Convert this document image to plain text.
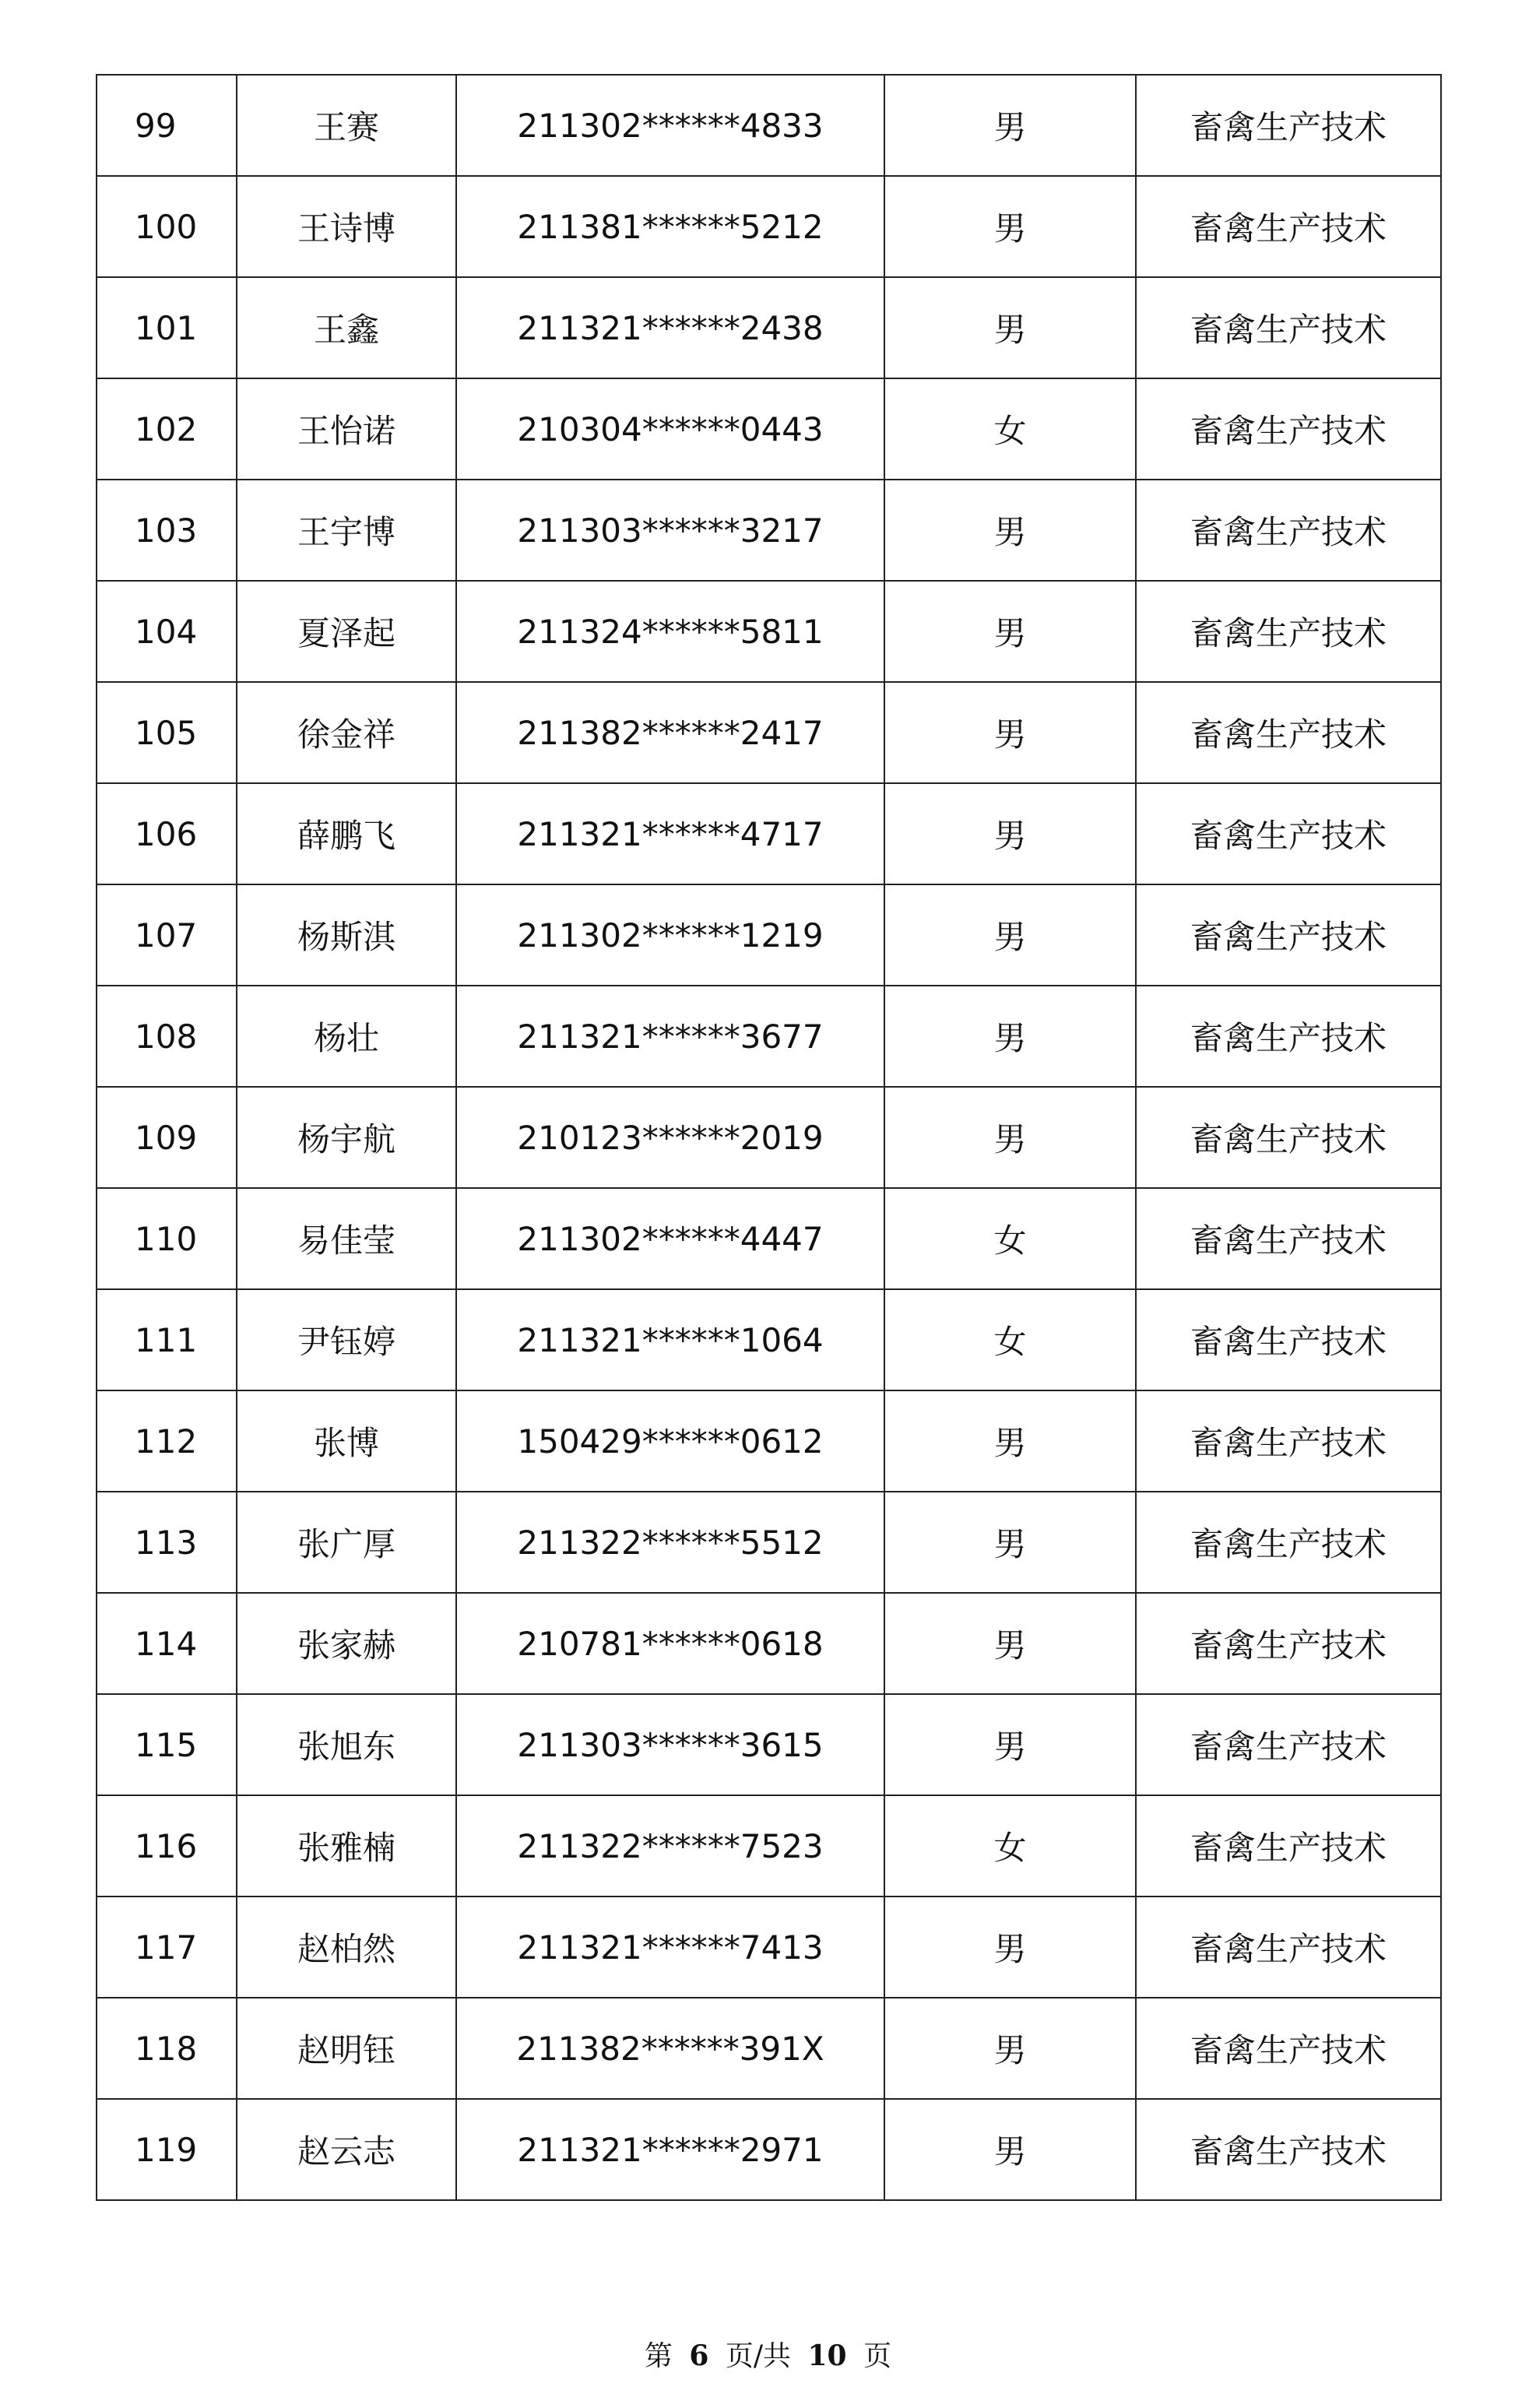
99	王赛	211302******4833	男	畜禽生产技术
100	王诗博	211381******5212	男	畜禽生产技术
101	王鑫	211321******2438	男	畜禽生产技术
102	王怡诺	210304******0443	女	畜禽生产技术
103	王宇博	211303******3217	男	畜禽生产技术
104	夏泽起	211324******5811	男	畜禽生产技术
105	徐金祥	211382******2417	男	畜禽生产技术
106	薛鹏飞	211321******4717	男	畜禽生产技术
107	杨斯淇	211302******1219	男	畜禽生产技术
108	杨壮	211321******3677	男	畜禽生产技术
109	杨宇航	210123******2019	男	畜禽生产技术
110	易佳莹	211302******4447	女	畜禽生产技术
111	尹钰婷	211321******1064	女	畜禽生产技术
112	张博	150429******0612	男	畜禽生产技术
113	张广厚	211322******5512	男	畜禽生产技术
114	张家赫	210781******0618	男	畜禽生产技术
115	张旭东	211303******3615	男	畜禽生产技术
116	张雅楠	211322******7523	女	畜禽生产技术
117	赵柏然	211321******7413	男	畜禽生产技术
118	赵明钰	211382******391X	男	畜禽生产技术
119	赵云志	211321******2971	男	畜禽生产技术
第 6 页/共 10 页
